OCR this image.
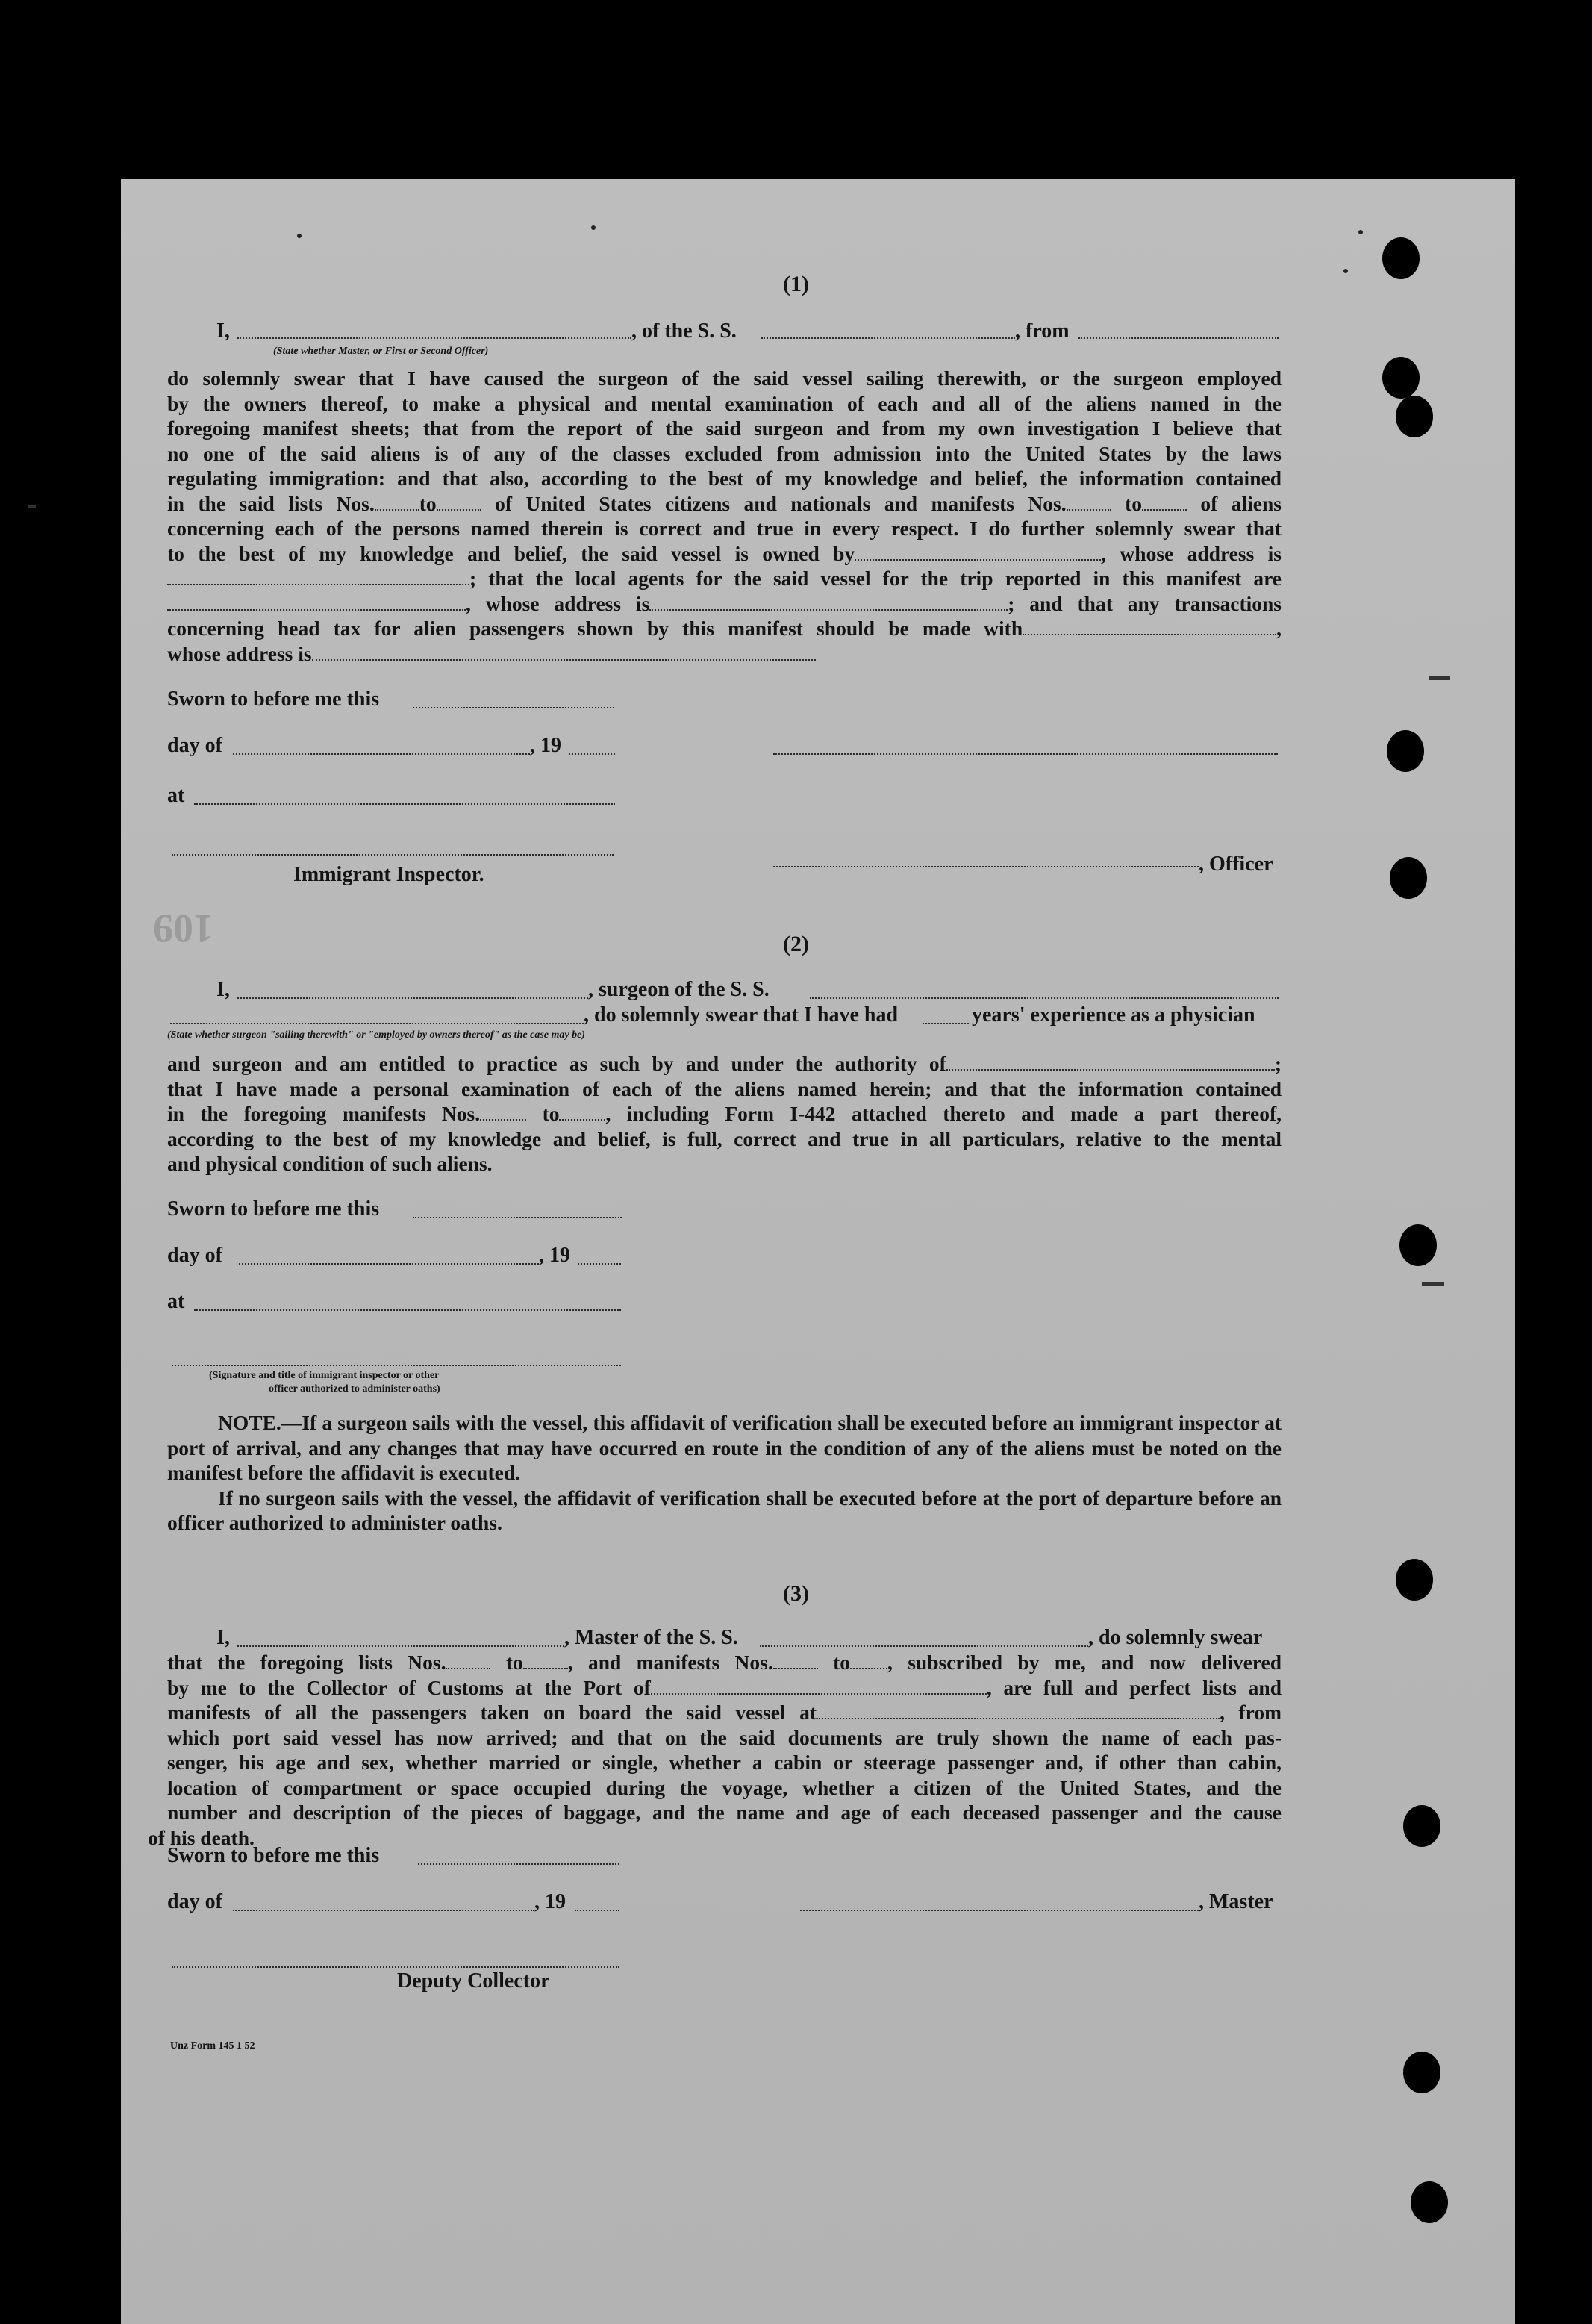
(1)
I,	, of the S. S.	, from
(State whether Master, or First or Second Officer)

do solemnly swear that I have caused the surgeon of the said vessel sailing therewith, or the surgeon employed

by the owners thereof, to make a physical and mental examination of each and all of the aliens named in the

foregoing manifest sheets; that from the report of the said surgeon and from my own investigation I believe that

no one of the said aliens is of any of the classes excluded from admission into the United States by the laws

regulating immigration: and that also, according to the best of my knowledge and belief, the information contained

in the said lists Nos. to	of United States citizens and nationals and manifests Nos.	to	of aliens

concerning each of the persons named therein is correct and true in every respect. I do further solemnly swear that

to the best of my knowledge and belief, the said vessel is owned by	, whose address is

; that the local agents for the said vessel for the trip reported in this manifest are

, whose address is	; and that any transactions

concerning head tax for alien passengers shown by this manifest should be made with	,

whose address is

Sworn to before me this
day of	, 19
at
, Officer
Immigrant Inspector.
109	(2)
I,	, surgeon of the S. S.
, do solemnly swear that I have had	years' experience as a physician
(State whether surgeon "sailing therewith" or "employed by owners thereof" as the case may be)

and surgeon and am entitled to practice as such by and under the authority of	;

that I have made a personal examination of each of the aliens named herein; and that the information contained

in the foregoing manifests Nos.	to , including Form I-442 attached thereto and made a part thereof,

according to the best of my knowledge and belief, is full, correct and true in all particulars, relative to the mental

and physical condition of such aliens.

Sworn to before me this
day of	, 19
at
(Signature and title of immigrant inspector or other
officer authorized to administer oaths)

NOTE.—If a surgeon sails with the vessel, this affidavit of verification shall be executed before an immigrant inspector at port of arrival, and any changes that may have occurred en route in the condition of any of the aliens must be noted on the manifest before the affidavit is executed.

If no surgeon sails with the vessel, the affidavit of verification shall be executed before at the port of departure before an officer authorized to administer oaths.

(3)
I,	, Master of the S. S.	, do solemnly swear

that the foregoing lists Nos.	to , and manifests Nos.	to , subscribed by me, and now delivered

by me to the Collector of Customs at the Port of	, are full and perfect lists and

manifests of all the passengers taken on board the said vessel at	, from

which port said vessel has now arrived; and that on the said documents are truly shown the name of each pas-

senger, his age and sex, whether married or single, whether a cabin or steerage passenger and, if other than cabin,

location of compartment or space occupied during the voyage, whether a citizen of the United States, and the

number and description of the pieces of baggage, and the name and age of each deceased passenger and the cause

of his death.

Sworn to before me this
day of	, 19	, Master
Deputy Collector
Unz Form 145 1 52
